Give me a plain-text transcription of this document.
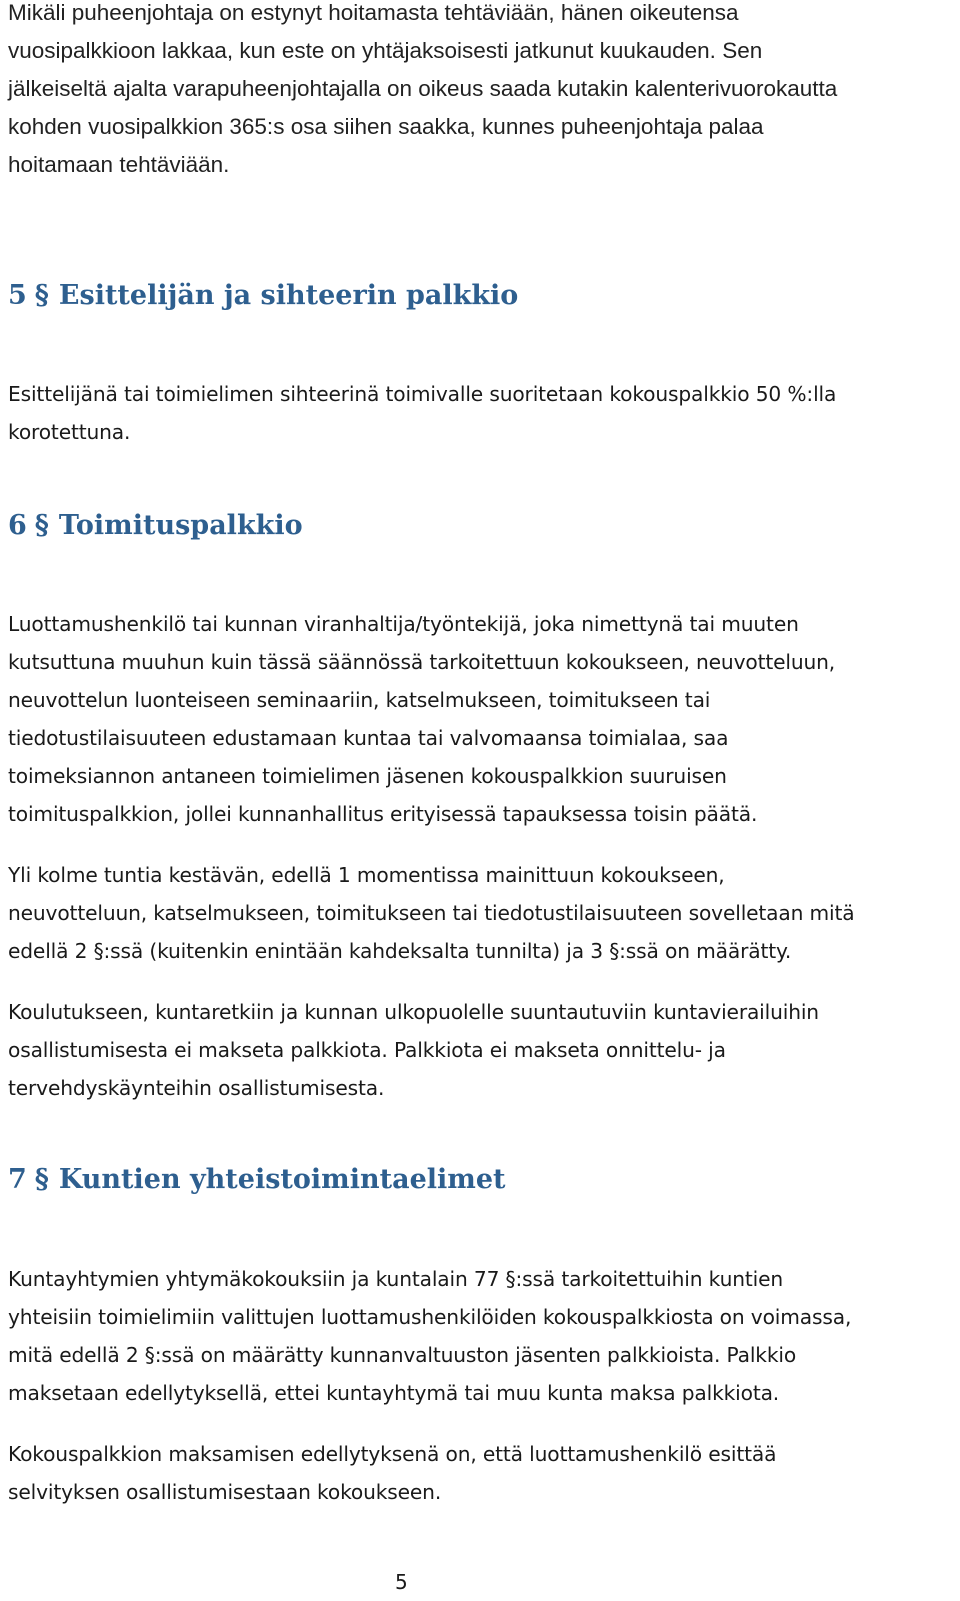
Mikäli puheenjohtaja on estynyt hoitamasta tehtäviään, hänen oikeutensa
vuosipalkkioon lakkaa, kun este on yhtäjaksoisesti jatkunut kuukauden. Sen
jälkeiseltä ajalta varapuheenjohtajalla on oikeus saada kutakin kalenterivuorokautta
kohden vuosipalkkion 365:s osa siihen saakka, kunnes puheenjohtaja palaa
hoitamaan tehtäviään.

5 § Esittelijän ja sihteerin palkkio

Esittelijänä tai toimielimen sihteerinä toimivalle suoritetaan kokouspalkkio 50 %:lla
korotettuna.

6 § Toimituspalkkio

Luottamushenkilö tai kunnan viranhaltija/työntekijä, joka nimettynä tai muuten
kutsuttuna muuhun kuin tässä säännössä tarkoitettuun kokoukseen, neuvotteluun,
neuvottelun luonteiseen seminaariin, katselmukseen, toimitukseen tai
tiedotustilaisuuteen edustamaan kuntaa tai valvomaansa toimialaa, saa
toimeksiannon antaneen toimielimen jäsenen kokouspalkkion suuruisen
toimituspalkkion, jollei kunnanhallitus erityisessä tapauksessa toisin päätä.

Yli kolme tuntia kestävän, edellä 1 momentissa mainittuun kokoukseen,
neuvotteluun, katselmukseen, toimitukseen tai tiedotustilaisuuteen sovelletaan mitä
edellä 2 §:ssä (kuitenkin enintään kahdeksalta tunnilta) ja 3 §:ssä on määrätty.

Koulutukseen, kuntaretkiin ja kunnan ulkopuolelle suuntautuviin kuntavierailuihin
osallistumisesta ei makseta palkkiota. Palkkiota ei makseta onnittelu- ja
tervehdyskäynteihin osallistumisesta.

7 § Kuntien yhteistoimintaelimet

Kuntayhtymien yhtymäkokouksiin ja kuntalain 77 §:ssä tarkoitettuihin kuntien
yhteisiin toimielimiin valittujen luottamushenkilöiden kokouspalkkiosta on voimassa,
mitä edellä 2 §:ssä on määrätty kunnanvaltuuston jäsenten palkkioista. Palkkio
maksetaan edellytyksellä, ettei kuntayhtymä tai muu kunta maksa palkkiota.

Kokouspalkkion maksamisen edellytyksenä on, että luottamushenkilö esittää
selvityksen osallistumisestaan kokoukseen.

5
